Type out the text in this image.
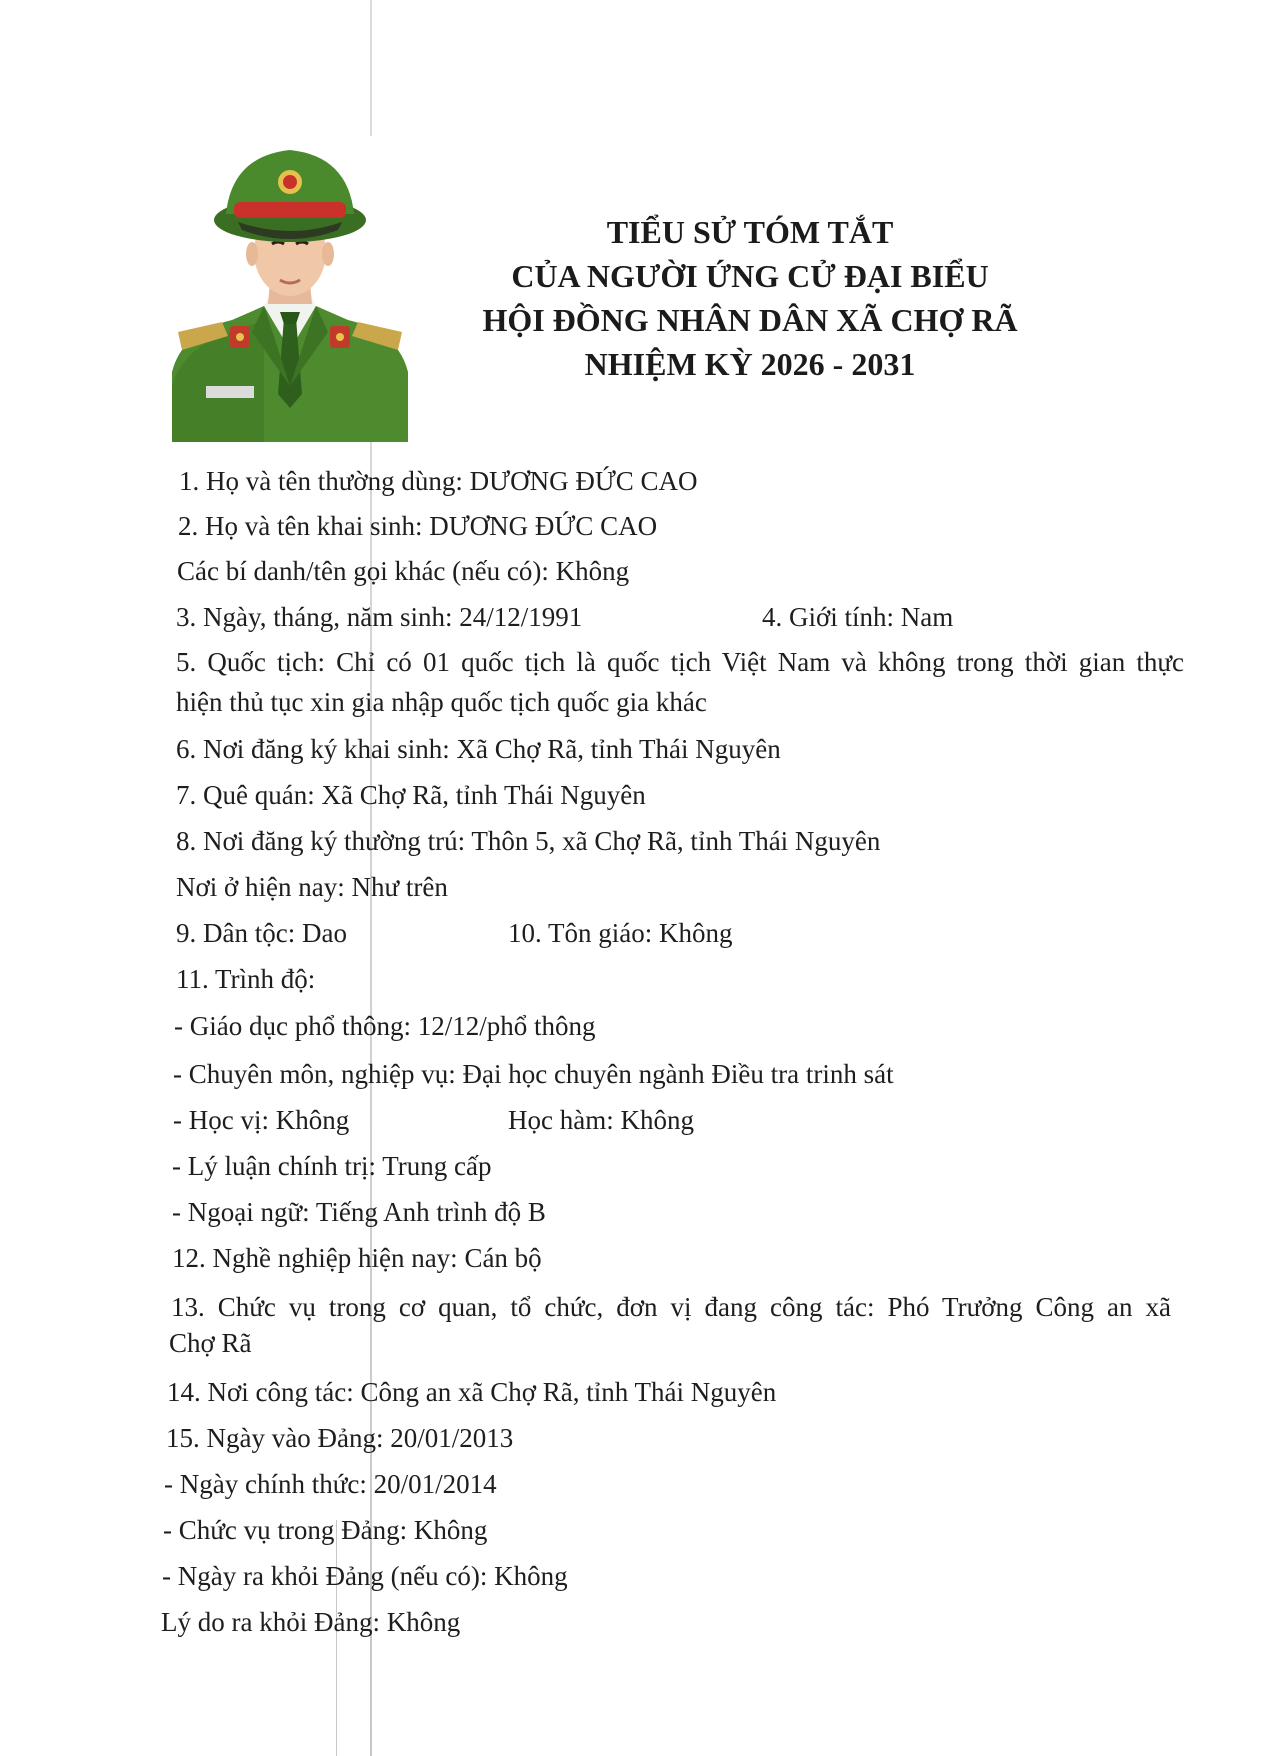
TIỂU SỬ TÓM TẮT
CỦA NGƯỜI ỨNG CỬ ĐẠI BIỂU
HỘI ĐỒNG NHÂN DÂN XÃ CHỢ RÃ
NHIỆM KỲ 2026 - 2031
1. Họ và tên thường dùng: DƯƠNG ĐỨC CAO
2. Họ và tên khai sinh: DƯƠNG ĐỨC CAO
Các bí danh/tên gọi khác (nếu có): Không
3. Ngày, tháng, năm sinh: 24/12/1991	4. Giới tính: Nam
5. Quốc tịch: Chỉ có 01 quốc tịch là quốc tịch Việt Nam và không trong thời gian thực
hiện thủ tục xin gia nhập quốc tịch quốc gia khác
6. Nơi đăng ký khai sinh: Xã Chợ Rã, tỉnh Thái Nguyên
7. Quê quán: Xã Chợ Rã, tỉnh Thái Nguyên
8. Nơi đăng ký thường trú: Thôn 5, xã Chợ Rã, tỉnh Thái Nguyên
Nơi ở hiện nay: Như trên
9. Dân tộc: Dao	10. Tôn giáo: Không
11. Trình độ:
- Giáo dục phổ thông: 12/12/phổ thông
- Chuyên môn, nghiệp vụ: Đại học chuyên ngành Điều tra trinh sát
- Học vị: Không	Học hàm: Không
- Lý luận chính trị: Trung cấp
- Ngoại ngữ: Tiếng Anh trình độ B
12. Nghề nghiệp hiện nay: Cán bộ
13. Chức vụ trong cơ quan, tổ chức, đơn vị đang công tác: Phó Trưởng Công an xã
Chợ Rã
14. Nơi công tác: Công an xã Chợ Rã, tỉnh Thái Nguyên
15. Ngày vào Đảng: 20/01/2013
- Ngày chính thức: 20/01/2014
- Chức vụ trong Đảng: Không
- Ngày ra khỏi Đảng (nếu có): Không
Lý do ra khỏi Đảng: Không
